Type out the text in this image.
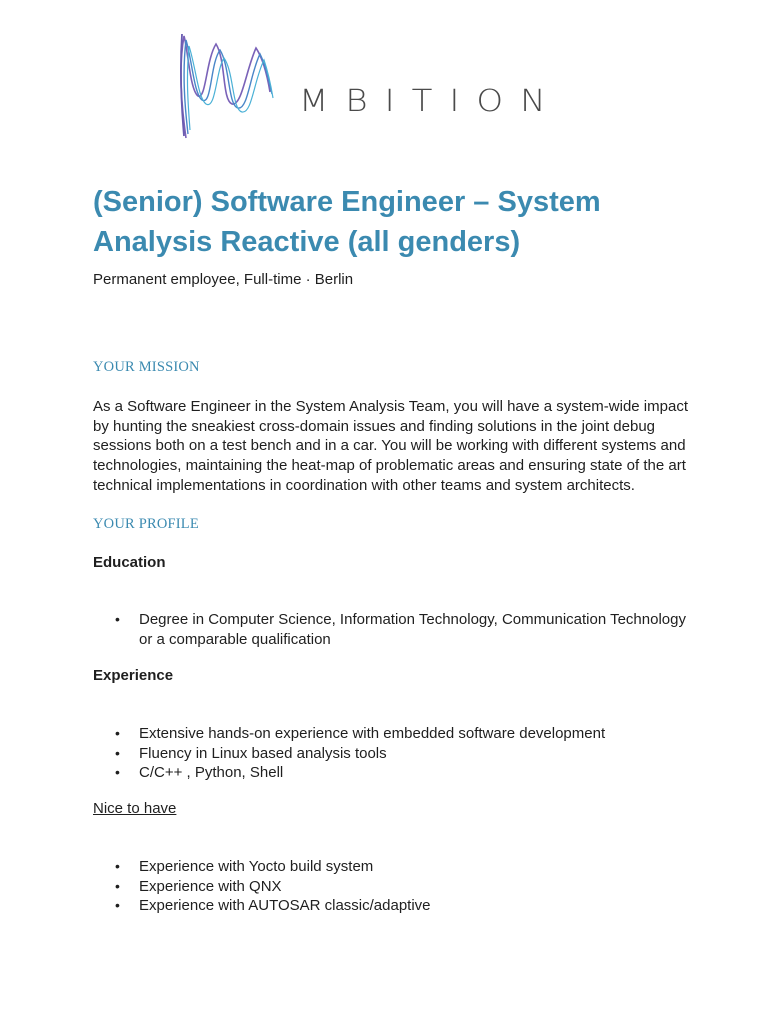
MBITION
(Senior) Software Engineer – System Analysis Reactive (all genders)
Permanent employee, Full-time · Berlin
YOUR MISSION

As a Software Engineer in the System Analysis Team, you will have a system-wide impact by hunting the sneakiest cross-domain issues and finding solutions in the joint debug sessions both on a test bench and in a car. You will be working with different systems and technologies, maintaining the heat-map of problematic areas and ensuring state of the art technical implementations in coordination with other teams and system architects.

YOUR PROFILE
Education
• Degree in Computer Science, Information Technology, Communication Technology or a comparable qualification
Experience
• Extensive hands-on experience with embedded software development
• Fluency in Linux based analysis tools
• C/C++ , Python, Shell
Nice to have
• Experience with Yocto build system
• Experience with QNX
• Experience with AUTOSAR classic/adaptive
